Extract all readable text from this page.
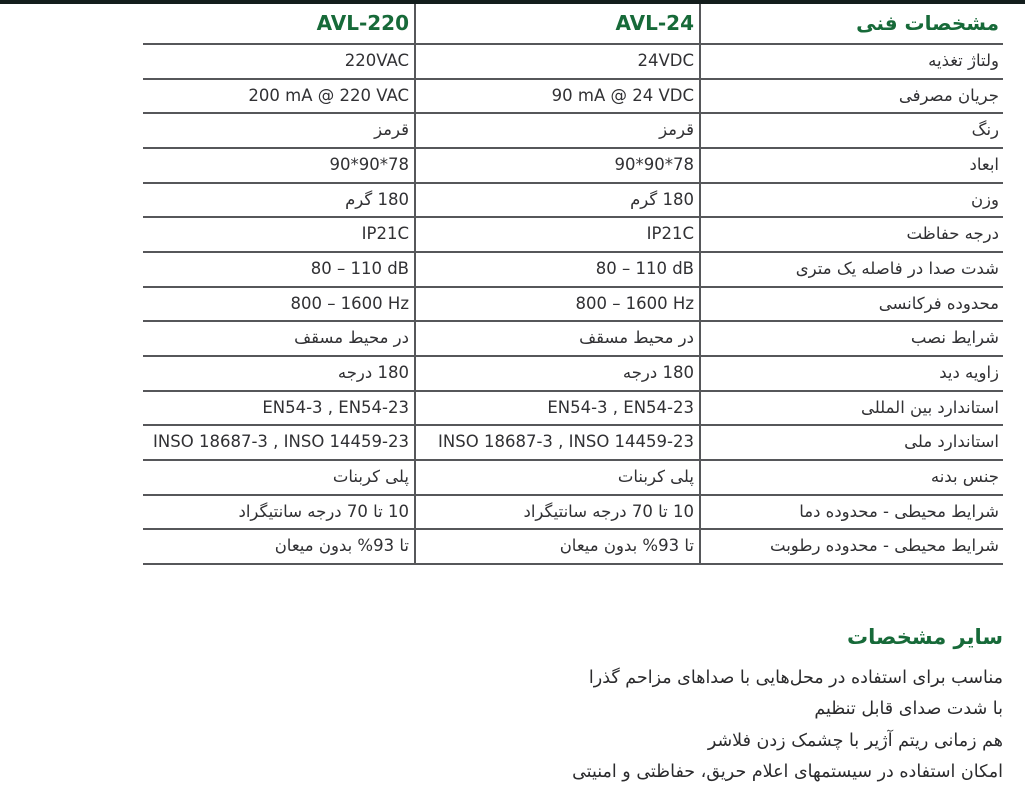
AVL-220	AVL-24	مشخصات فنی
220VAC	24VDC	ولتاژ تغذیه
200 mA @ 220 VAC	90 mA @ 24 VDC	جریان مصرفی
قرمز	قرمز	رنگ
90*90*78	90*90*78	ابعاد
180 گرم	180 گرم	وزن
IP21C	IP21C	درجه حفاظت
80 – 110 dB	80 – 110 dB	شدت صدا در فاصله یک متری
800 – 1600 Hz	800 – 1600 Hz	محدوده فرکانسی
در محیط مسقف	در محیط مسقف	شرایط نصب
180 درجه	180 درجه	زاویه دید
EN54-3 , EN54-23	EN54-3 , EN54-23	استاندارد بین المللی
INSO 18687-3 , INSO 14459-23	INSO 18687-3 , INSO 14459-23	استاندارد ملی
پلی کربنات	پلی کربنات	جنس بدنه
10 تا 70 درجه سانتیگراد	10 تا 70 درجه سانتیگراد	شرایط محیطی - محدوده دما
تا 93% بدون میعان	تا 93% بدون میعان	شرایط محیطی - محدوده رطوبت

سایر مشخصات

مناسب برای استفاده در محل‌هایی با صداهای مزاحم گذرا

با شدت صدای قابل تنظیم

هم زمانی ریتم آژیر با چشمک زدن فلاشر

امکان استفاده در سیستمهای اعلام حریق، حفاظتی و امنیتی
